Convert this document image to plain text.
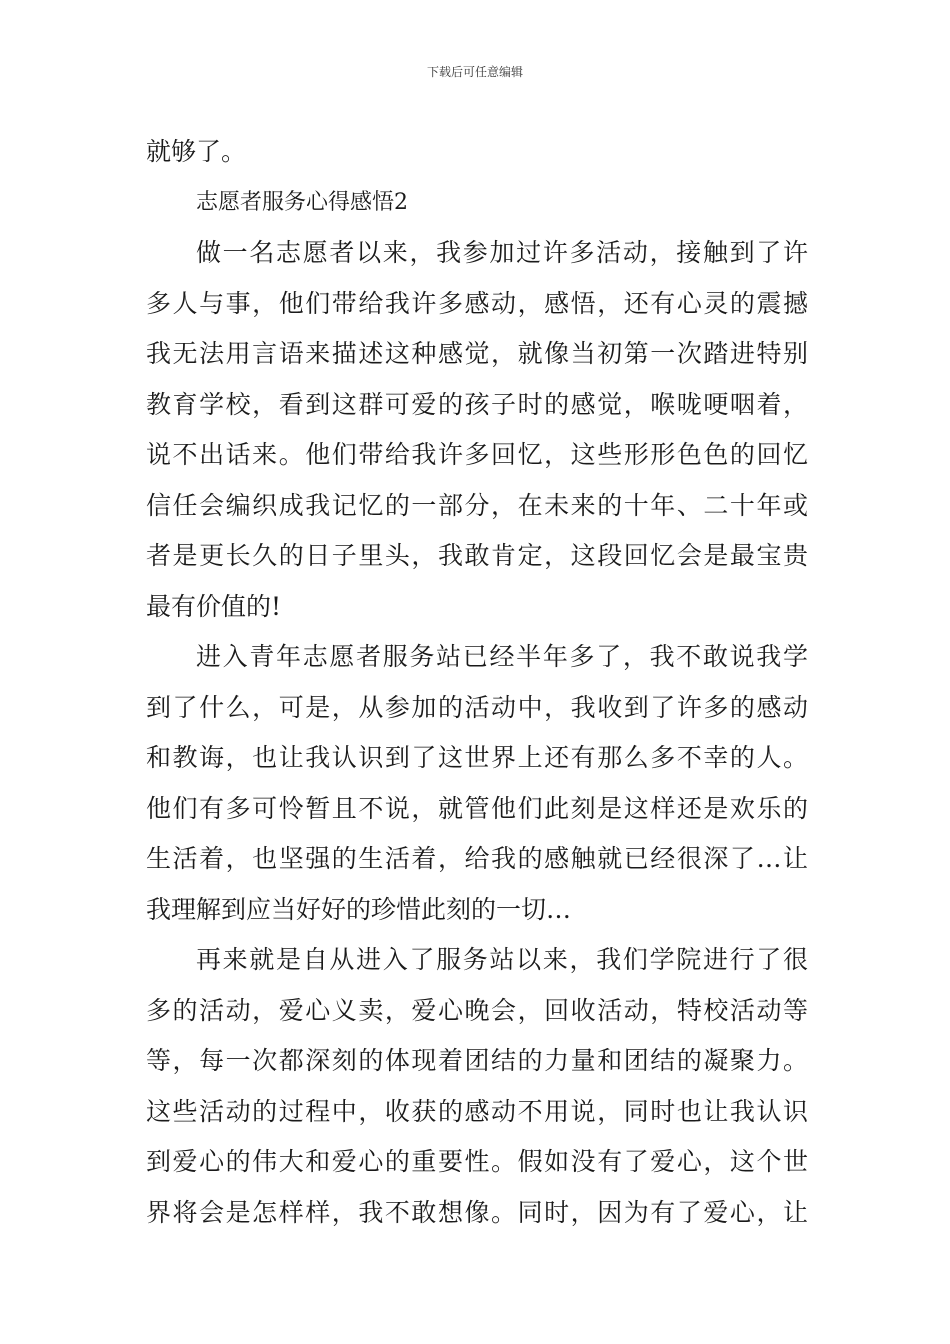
下载后可任意编辑
就够了。
志愿者服务心得感悟2
做一名志愿者以来，我参加过许多活动，接触到了许
多人与事，他们带给我许多感动，感悟，还有心灵的震撼
我无法用言语来描述这种感觉，就像当初第一次踏进特别
教育学校，看到这群可爱的孩子时的感觉，喉咙哽咽着，
说不出话来。他们带给我许多回忆，这些形形色色的回忆
信任会编织成我记忆的一部分，在未来的十年、二十年或
者是更长久的日子里头，我敢肯定，这段回忆会是最宝贵
最有价值的!
进入青年志愿者服务站已经半年多了，我不敢说我学
到了什么，可是，从参加的活动中，我收到了许多的感动
和教诲，也让我认识到了这世界上还有那么多不幸的人。
他们有多可怜暂且不说，就管他们此刻是这样还是欢乐的
生活着，也坚强的生活着，给我的感触就已经很深了…让
我理解到应当好好的珍惜此刻的一切…
再来就是自从进入了服务站以来，我们学院进行了很
多的活动，爱心义卖，爱心晚会，回收活动，特校活动等
等，每一次都深刻的体现着团结的力量和团结的凝聚力。
这些活动的过程中，收获的感动不用说，同时也让我认识
到爱心的伟大和爱心的重要性。假如没有了爱心，这个世
界将会是怎样样，我不敢想像。同时，因为有了爱心，让
